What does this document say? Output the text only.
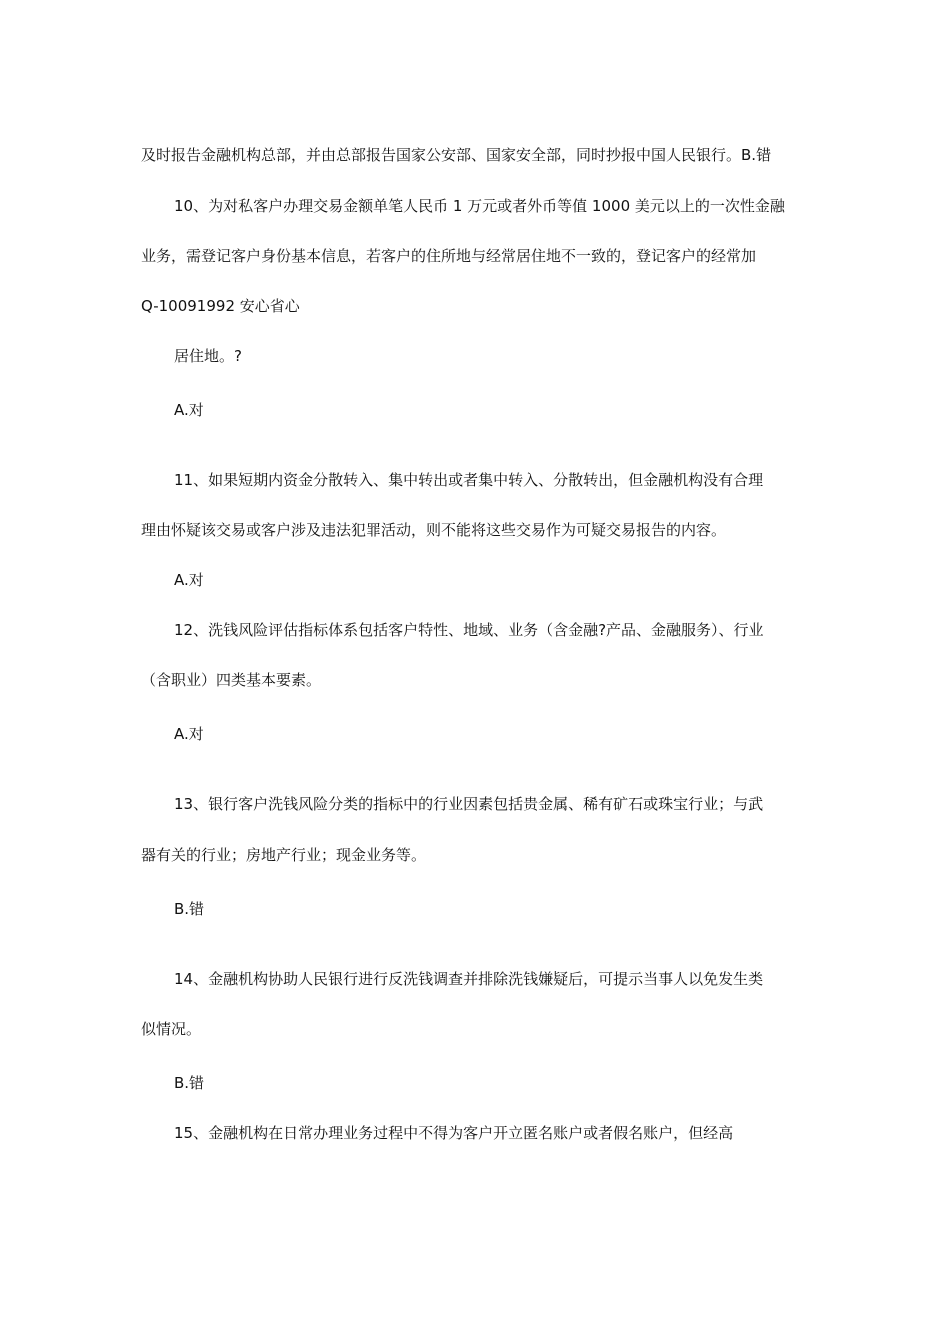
及时报告金融机构总部，并由总部报告国家公安部、国家安全部，同时抄报中国人民银行。B.错
10、为对私客户办理交易金额单笔人民币 1 万元或者外币等值 1000 美元以上的一次性金融
业务，需登记客户身份基本信息，若客户的住所地与经常居住地不一致的，登记客户的经常加
Q-10091992 安心省心
居住地。?
A.对
11、如果短期内资金分散转入、集中转出或者集中转入、分散转出，但金融机构没有合理
理由怀疑该交易或客户涉及违法犯罪活动，则不能将这些交易作为可疑交易报告的内容。
A.对
12、洗钱风险评估指标体系包括客户特性、地域、业务（含金融?产品、金融服务）、行业
（含职业）四类基本要素。
A.对
13、银行客户洗钱风险分类的指标中的行业因素包括贵金属、稀有矿石或珠宝行业；与武
器有关的行业；房地产行业；现金业务等。
B.错
14、金融机构协助人民银行进行反洗钱调查并排除洗钱嫌疑后，可提示当事人以免发生类
似情况。
B.错
15、金融机构在日常办理业务过程中不得为客户开立匿名账户或者假名账户，但经高
